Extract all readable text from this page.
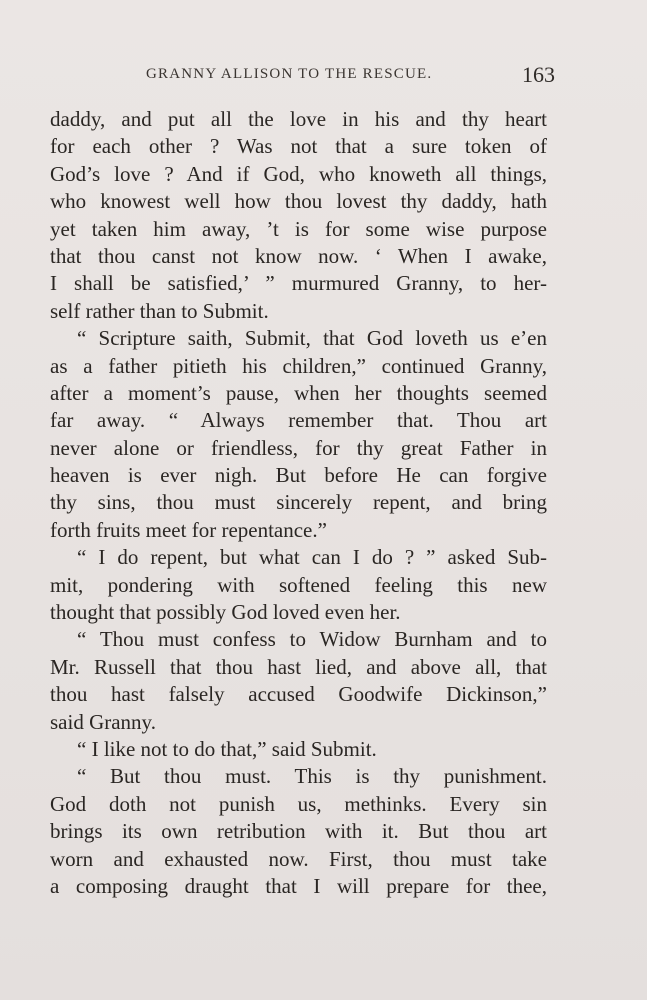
GRANNY ALLISON TO THE RESCUE.	163
daddy, and put all the love in his and thy heart
for each other ? Was not that a sure token of
God’s love ? And if God, who knoweth all things,
who knowest well how thou lovest thy daddy, hath
yet taken him away, ’t is for some wise purpose
that thou canst not know now. ‘ When I awake,
I shall be satisfied,’ ” murmured Granny, to her-
self rather than to Submit.
“ Scripture saith, Submit, that God loveth us e’en
as a father pitieth his children,” continued Granny,
after a moment’s pause, when her thoughts seemed
far away. “ Always remember that. Thou art
never alone or friendless, for thy great Father in
heaven is ever nigh. But before He can forgive
thy sins, thou must sincerely repent, and bring
forth fruits meet for repentance.”
“ I do repent, but what can I do ? ” asked Sub-
mit, pondering with softened feeling this new
thought that possibly God loved even her.
“ Thou must confess to Widow Burnham and to
Mr. Russell that thou hast lied, and above all, that
thou hast falsely accused Goodwife Dickinson,”
said Granny.
“ I like not to do that,” said Submit.
“ But thou must. This is thy punishment.
God doth not punish us, methinks. Every sin
brings its own retribution with it. But thou art
worn and exhausted now. First, thou must take
a composing draught that I will prepare for thee,
